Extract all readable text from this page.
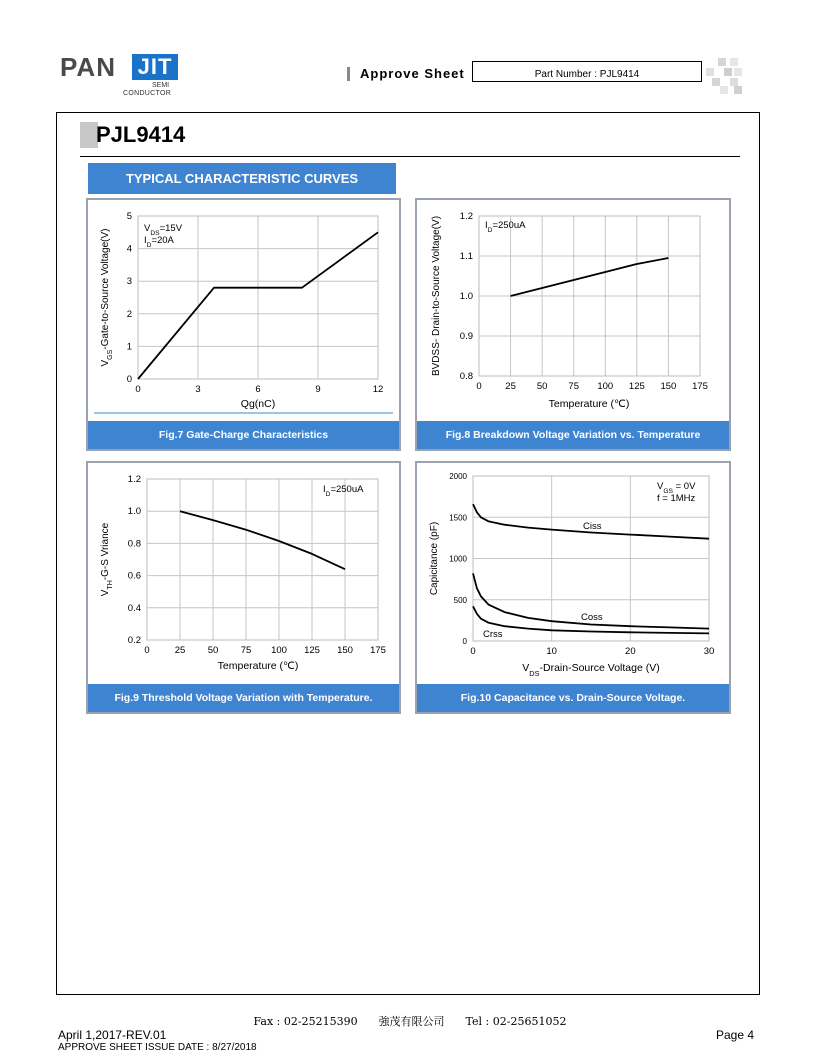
PAN JIT
SEMI
CONDUCTOR
Approve Sheet	Part Number : PJL9414
PJL9414
TYPICAL CHARACTERISTIC CURVES
0	3	6	9	12
0
1
2
3
4
5
Qg(nC)
$V_{GS}-Gate-to$-Source Voltage(V)
$V_{DS}=15V$
$I_D=20A$
Fig.7 Gate-Charge Characteristics
0 25 50 75 100 125 150 175
0.8
0.9
1.0
1.1
1.2
Temperature (℃)
BVDSS- Drain-to-Source Voltage(V)	$I_D=250uA$
Fig.8 Breakdown Voltage Variation vs. Temperature
0	25 50 75 100 125 150 175
0.2
0.4
0.6
0.8
1.0
1.2
Temperature (℃)
$V_{TH}-G-S$ Vriance
$I_D=250uA$
Fig.9 Threshold Voltage Variation with Temperature.
0	10	20	30
0
500
1000
1500
2000
$V_{DS}-Drain$-Source Voltage (V)
Capicitance (pF)
$V_{GS} = 0V$
f = 1MHz
Ciss
Coss
Crss
Fig.10 Capacitance vs. Drain-Source Voltage.
Fax : 02-25215390 強茂有限公司 Tel : 02-25651052
April 1,2017-REV.01
APPROVE SHEET ISSUE DATE : 8/27/2018
Page 4
